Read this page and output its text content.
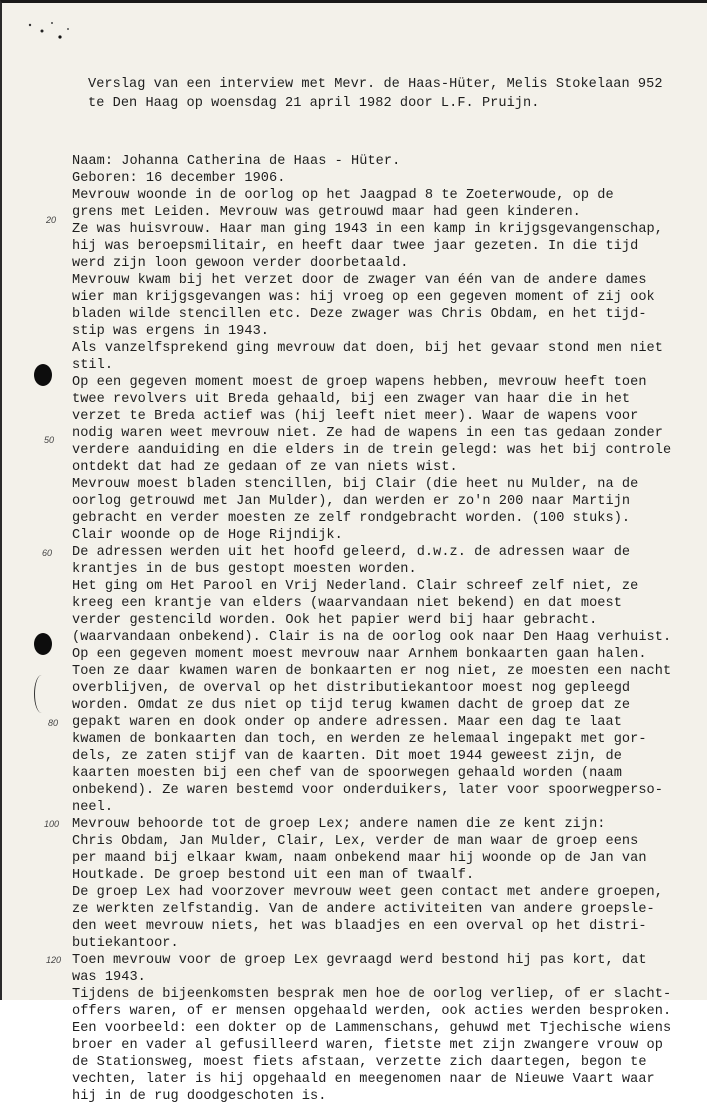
Verslag van een interview met Mevr. de Haas-Hüter, Melis Stokelaan 952
te Den Haag op woensdag 21 april 1982 door L.F. Pruijn.
Naam: Johanna Catherina de Haas - Hüter.
Geboren: 16 december 1906.
Mevrouw woonde in de oorlog op het Jaagpad 8 te Zoeterwoude, op de
grens met Leiden. Mevrouw was getrouwd maar had geen kinderen.
Ze was huisvrouw. Haar man ging 1943 in een kamp in krijgsgevangenschap,
hij was beroepsmilitair, en heeft daar twee jaar gezeten. In die tijd
werd zijn loon gewoon verder doorbetaald.
Mevrouw kwam bij het verzet door de zwager van één van de andere dames
wier man krijgsgevangen was: hij vroeg op een gegeven moment of zij ook
bladen wilde stencillen etc. Deze zwager was Chris Obdam, en het tijd-
stip was ergens in 1943.
Als vanzelfsprekend ging mevrouw dat doen, bij het gevaar stond men niet
stil.
Op een gegeven moment moest de groep wapens hebben, mevrouw heeft toen
twee revolvers uit Breda gehaald, bij een zwager van haar die in het
verzet te Breda actief was (hij leeft niet meer). Waar de wapens voor
nodig waren weet mevrouw niet. Ze had de wapens in een tas gedaan zonder
verdere aanduiding en die elders in de trein gelegd: was het bij controle
ontdekt dat had ze gedaan of ze van niets wist.
Mevrouw moest bladen stencillen, bij Clair (die heet nu Mulder, na de
oorlog getrouwd met Jan Mulder), dan werden er zo'n 200 naar Martijn
gebracht en verder moesten ze zelf rondgebracht worden. (100 stuks).
Clair woonde op de Hoge Rijndijk.
De adressen werden uit het hoofd geleerd, d.w.z. de adressen waar de
krantjes in de bus gestopt moesten worden.
Het ging om Het Parool en Vrij Nederland. Clair schreef zelf niet, ze
kreeg een krantje van elders (waarvandaan niet bekend) en dat moest
verder gestencild worden. Ook het papier werd bij haar gebracht.
(waarvandaan onbekend). Clair is na de oorlog ook naar Den Haag verhuist.
Op een gegeven moment moest mevrouw naar Arnhem bonkaarten gaan halen.
Toen ze daar kwamen waren de bonkaarten er nog niet, ze moesten een nacht
overblijven, de overval op het distributiekantoor moest nog gepleegd
worden. Omdat ze dus niet op tijd terug kwamen dacht de groep dat ze
gepakt waren en dook onder op andere adressen. Maar een dag te laat
kwamen de bonkaarten dan toch, en werden ze helemaal ingepakt met gor-
dels, ze zaten stijf van de kaarten. Dit moet 1944 geweest zijn, de
kaarten moesten bij een chef van de spoorwegen gehaald worden (naam
onbekend). Ze waren bestemd voor onderduikers, later voor spoorwegperso-
neel.
Mevrouw behoorde tot de groep Lex; andere namen die ze kent zijn:
Chris Obdam, Jan Mulder, Clair, Lex, verder de man waar de groep eens
per maand bij elkaar kwam, naam onbekend maar hij woonde op de Jan van
Houtkade. De groep bestond uit een man of twaalf.
De groep Lex had voorzover mevrouw weet geen contact met andere groepen,
ze werkten zelfstandig. Van de andere activiteiten van andere groepsle-
den weet mevrouw niets, het was blaadjes en een overval op het distri-
butiekantoor.
Toen mevrouw voor de groep Lex gevraagd werd bestond hij pas kort, dat
was 1943.
Tijdens de bijeenkomsten besprak men hoe de oorlog verliep, of er slacht-
offers waren, of er mensen opgehaald werden, ook acties werden besproken.
Een voorbeeld: een dokter op de Lammenschans, gehuwd met Tjechische wiens
broer en vader al gefusilleerd waren, fietste met zijn zwangere vrouw op
de Stationsweg, moest fiets afstaan, verzette zich daartegen, begon te
vechten, later is hij opgehaald en meegenomen naar de Nieuwe Vaart waar
hij in de rug doodgeschoten is.
20
50
60
80
100
120
